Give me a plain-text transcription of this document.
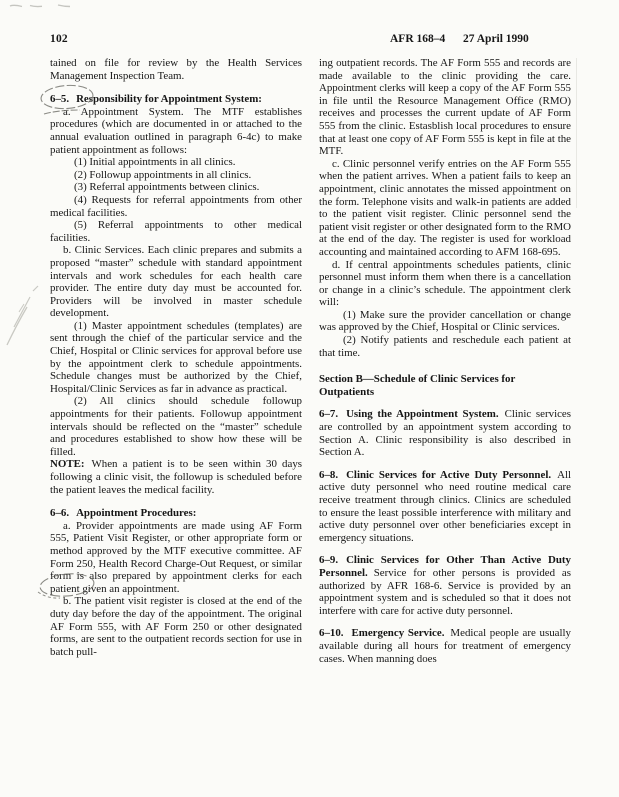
102	AFR 168–4 27 April 1990

tained on file for review by the Health Services Management Inspection Team.

6–5. Responsibility for Appointment System:

a. Appointment System. The MTF establishes procedures (which are documented in or attached to the annual evaluation outlined in paragraph 6-4c) to make patient appointment as follows:

(1) Initial appointments in all clinics.

(2) Followup appointments in all clinics.

(3) Referral appointments between clinics.

(4) Requests for referral appointments from other medical facilities.

(5) Referral appointments to other medical facilities.

b. Clinic Services. Each clinic prepares and submits a proposed “master” schedule with standard appointment intervals and work schedules for each health care provider. The entire duty day must be accounted for. Providers will be involved in master schedule development.

(1) Master appointment schedules (templates) are sent through the chief of the particular service and the Chief, Hospital or Clinic services for approval before use by the appointment clerk to schedule appointments. Schedule changes must be authorized by the Chief, Hospital/Clinic Services as far in advance as practical.

(2) All clinics should schedule followup appointments for their patients. Followup appointment intervals should be reflected on the “master” schedule and procedures established to show how these will be filled.

NOTE: When a patient is to be seen within 30 days following a clinic visit, the followup is scheduled before the patient leaves the medical facility.

6–6. Appointment Procedures:

a. Provider appointments are made using AF Form 555, Patient Visit Register, or other appropriate form or method approved by the MTF executive committee. AF Form 250, Health Record Charge-Out Request, or similar form is also prepared by appointment clerks for each patient given an appointment.

b. The patient visit register is closed at the end of the duty day before the day of the appointment. The original AF Form 555, with AF Form 250 or other designated forms, are sent to the outpatient records section for use in batch pull-

ing outpatient records. The AF Form 555 and records are made available to the clinic providing the care. Appointment clerks will keep a copy of the AF Form 555 in file until the Resource Management Office (RMO) receives and processes the current update of AF Form 555 from the clinic. Estasblish local procedures to ensure that at least one copy of AF Form 555 is kept in file at the MTF.

c. Clinic personnel verify entries on the AF Form 555 when the patient arrives. When a patient fails to keep an appointment, clinic annotates the missed appointment on the form. Telephone visits and walk-in patients are added to the patient visit register. Clinic personnel send the patient visit register or other designated form to the RMO at the end of the day. The register is used for workload accounting and maintained according to AFM 168-695.

d. If central appointments schedules patients, clinic personnel must inform them when there is a cancellation or change in a clinic’s schedule. The appointment clerk will:

(1) Make sure the provider cancellation or change was approved by the Chief, Hospital or Clinic services.

(2) Notify patients and reschedule each patient at that time.

Section B—Schedule of Clinic Services for Outpatients

6–7. Using the Appointment System. Clinic services are controlled by an appointment system according to Section A. Clinic responsibility is also described in Section A.

6–8. Clinic Services for Active Duty Personnel. All active duty personnel who need routine medical care receive treatment through clinics. Clinics are scheduled to ensure the least possible interference with military and active duty personnel over other beneficiaries except in emergency situations.

6–9. Clinic Services for Other Than Active Duty Personnel. Service for other persons is provided as authorized by AFR 168-6. Service is provided by an appointment system and is scheduled so that it does not interfere with care for active duty personnel.

6–10. Emergency Service. Medical people are usually available during all hours for treatment of emergency cases. When manning does
